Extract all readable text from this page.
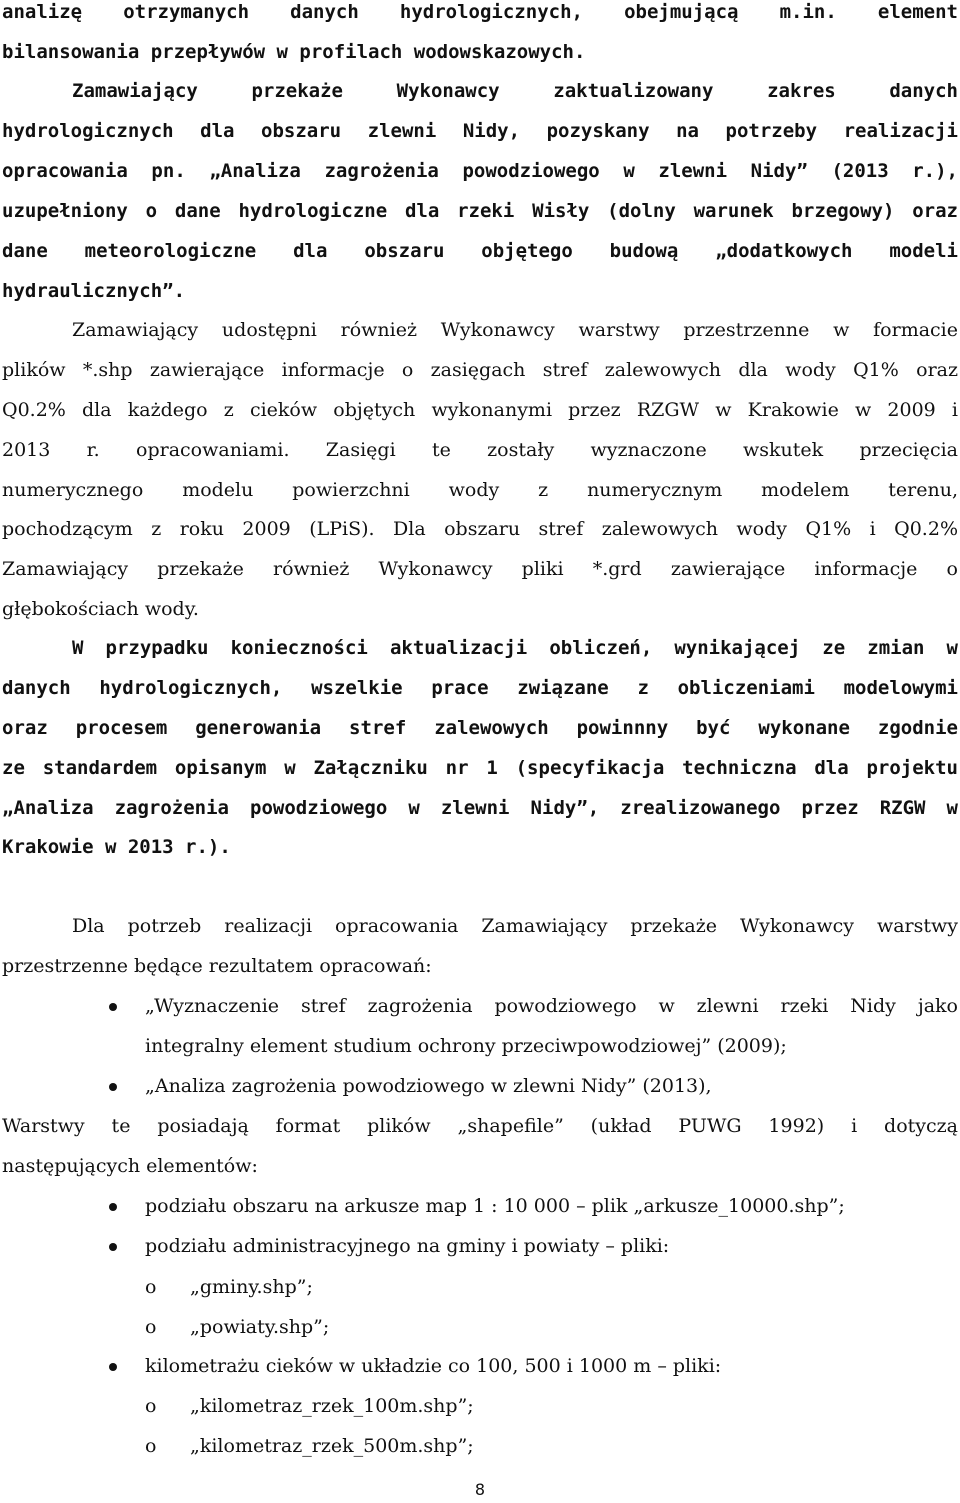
analizę otrzymanych danych hydrologicznych, obejmującą m.in. element
bilansowania przepływów w profilach wodowskazowych.
Zamawiający przekaże Wykonawcy zaktualizowany zakres danych
hydrologicznych dla obszaru zlewni Nidy, pozyskany na potrzeby realizacji
opracowania pn. „Analiza zagrożenia powodziowego w zlewni Nidy” (2013 r.),
uzupełniony o dane hydrologiczne dla rzeki Wisły (dolny warunek brzegowy) oraz
dane meteorologiczne dla obszaru objętego budową „dodatkowych modeli
hydraulicznych”.
Zamawiający udostępni również Wykonawcy warstwy przestrzenne w formacie
plików *.shp zawierające informacje o zasięgach stref zalewowych dla wody Q1% oraz
Q0.2% dla każdego z cieków objętych wykonanymi przez RZGW w Krakowie w 2009 i
2013 r. opracowaniami. Zasięgi te zostały wyznaczone wskutek przecięcia
numerycznego modelu powierzchni wody z numerycznym modelem terenu,
pochodzącym z roku 2009 (LPiS). Dla obszaru stref zalewowych wody Q1% i Q0.2%
Zamawiający przekaże również Wykonawcy pliki *.grd zawierające informacje o
głębokościach wody.
W przypadku konieczności aktualizacji obliczeń, wynikającej ze zmian w
danych hydrologicznych, wszelkie prace związane z obliczeniami modelowymi
oraz procesem generowania stref zalewowych powinnny być wykonane zgodnie
ze standardem opisanym w Załączniku nr 1 (specyfikacja techniczna dla projektu
„Analiza zagrożenia powodziowego w zlewni Nidy”, zrealizowanego przez RZGW w
Krakowie w 2013 r.).
Dla potrzeb realizacji opracowania Zamawiający przekaże Wykonawcy warstwy
przestrzenne będące rezultatem opracowań:
„Wyznaczenie stref zagrożenia powodziowego w zlewni rzeki Nidy jako
integralny element studium ochrony przeciwpowodziowej” (2009);
„Analiza zagrożenia powodziowego w zlewni Nidy” (2013),
Warstwy te posiadają format plików „shapefile” (układ PUWG 1992) i dotyczą
następujących elementów:
podziału obszaru na arkusze map 1 : 10 000 – plik „arkusze_10000.shp”;
podziału administracyjnego na gminy i powiaty – pliki:
o „gminy.shp”;
o „powiaty.shp”;
kilometrażu cieków w układzie co 100, 500 i 1000 m – pliki:
o „kilometraz_rzek_100m.shp”;
o „kilometraz_rzek_500m.shp”;
8
